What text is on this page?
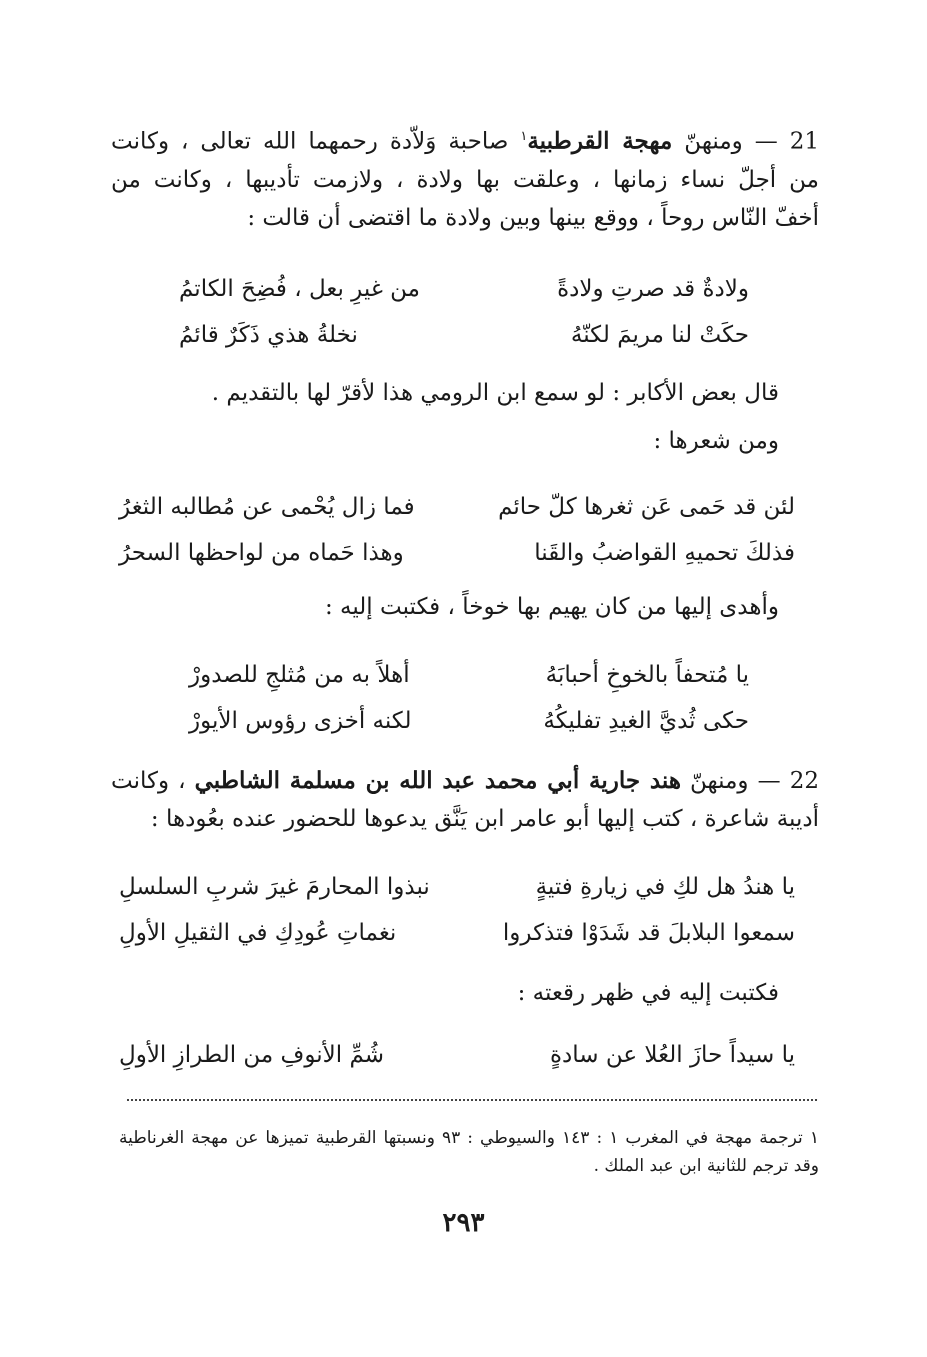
21 — ومنهنّ مهجة القرطبية$^١$ صاحبة وَلاّدة رحمهما الله تعالى ، وكانت
من أجلّ نساء زمانها ، وعلقت بها ولادة ، ولازمت تأديبها ، وكانت من
أخفّ النّاس روحاً ، ووقع بينها وبين ولادة ما اقتضى أن قالت :
ولادةٌ قد صرتِ ولادةً
من غيرِ بعل ، فُضِحَ الكاتمُ
حكَتْ لنا مريمَ لكنّهُ
نخلةُ هذي ذَكَرٌ قائمُ
قال بعض الأكابر : لو سمع ابن الرومي هذا لأقرّ لها بالتقديم .
ومن شعرها :
لئن قد حَمى عَن ثغرها كلّ حائم
فما زال يُحْمى عن مُطالبه الثغرُ
فذلكَ تحميهِ القواضبُ والقَنا
وهذا حَماه من لواحظها السحرُ
وأهدى إليها من كان يهيم بها خوخاً ، فكتبت إليه :
يا مُتحفاً بالخوخِ أحبابَهُ
أهلاً به من مُثلجِ للصدورْ
حكى ثُديَّ الغيدِ تفليكُهُ
لكنه أخزى رؤوس الأيورْ
22 — ومنهنّ هند جارية أبي محمد عبد الله بن مسلمة الشاطبي ، وكانت
أديبة شاعرة ، كتب إليها أبو عامر ابن يَنَّق يدعوها للحضور عنده بعُودها :
يا هندُ هل لكِ في زيارةِ فتيةٍ
نبذوا المحارمَ غيرَ شربِ السلسلِ
سمعوا البلابلَ قد شَدَوْا فتذكروا
نغماتِ عُودِكِ في الثقيلِ الأولِ
فكتبت إليه في ظهر رقعته :
يا سيداً حازَ العُلا عن سادةٍ
شُمِّ الأنوفِ من الطرازِ الأولِ
١ ترجمة مهجة في المغرب ١ : ١٤٣ والسيوطي : ٩٣ ونسبتها القرطبية تميزها عن مهجة الغرناطية
وقد ترجم للثانية ابن عبد الملك .
٢٩٣
